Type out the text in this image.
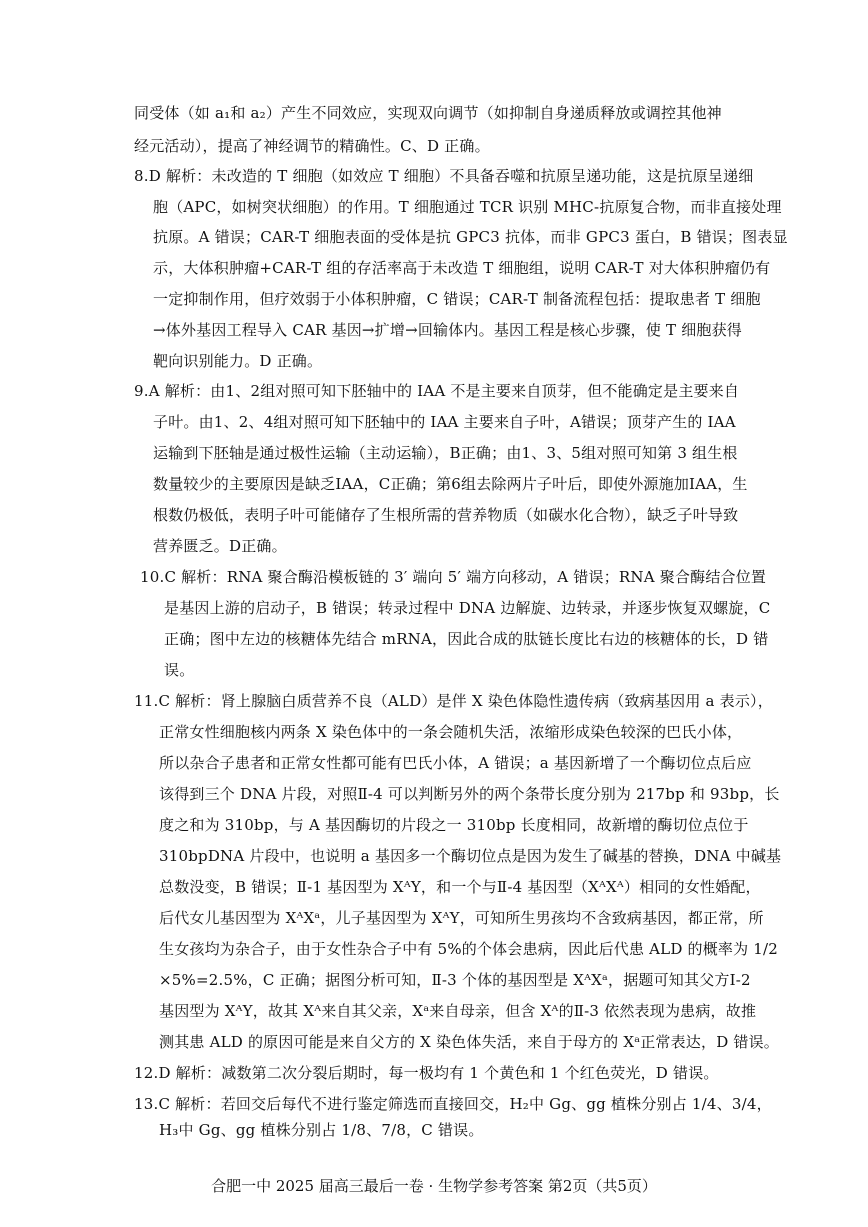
同受体（如 a₁和 a₂）产生不同效应，实现双向调节（如抑制自身递质释放或调控其他神
经元活动），提高了神经调节的精确性。C、D 正确。
8.D 解析：未改造的 T 细胞（如效应 T 细胞）不具备吞噬和抗原呈递功能，这是抗原呈递细
胞（APC，如树突状细胞）的作用。T 细胞通过 TCR 识别 MHC-抗原复合物，而非直接处理
抗原。A 错误；CAR-T 细胞表面的受体是抗 GPC3 抗体，而非 GPC3 蛋白，B 错误；图表显
示，大体积肿瘤+CAR-T 组的存活率高于未改造 T 细胞组，说明 CAR-T 对大体积肿瘤仍有
一定抑制作用，但疗效弱于小体积肿瘤，C 错误；CAR-T 制备流程包括：提取患者 T 细胞
→体外基因工程导入 CAR 基因→扩增→回输体内。基因工程是核心步骤，使 T 细胞获得
靶向识别能力。D 正确。
9.A 解析：由1、2组对照可知下胚轴中的 IAA 不是主要来自顶芽，但不能确定是主要来自
子叶。由1、2、4组对照可知下胚轴中的 IAA 主要来自子叶，A错误；顶芽产生的 IAA
运输到下胚轴是通过极性运输（主动运输），B正确；由1、3、5组对照可知第 3 组生根
数量较少的主要原因是缺乏IAA，C正确；第6组去除两片子叶后，即使外源施加IAA，生
根数仍极低，表明子叶可能储存了生根所需的营养物质（如碳水化合物），缺乏子叶导致
营养匮乏。D正确。
10.C 解析：RNA 聚合酶沿模板链的 3′ 端向 5′ 端方向移动，A 错误；RNA 聚合酶结合位置
是基因上游的启动子，B 错误；转录过程中 DNA 边解旋、边转录，并逐步恢复双螺旋，C
正确；图中左边的核糖体先结合 mRNA，因此合成的肽链长度比右边的核糖体的长，D 错
误。
11.C 解析：肾上腺脑白质营养不良（ALD）是伴 X 染色体隐性遗传病（致病基因用 a 表示），
正常女性细胞核内两条 X 染色体中的一条会随机失活，浓缩形成染色较深的巴氏小体，
所以杂合子患者和正常女性都可能有巴氏小体，A 错误；a 基因新增了一个酶切位点后应
该得到三个 DNA 片段，对照Ⅱ-4 可以判断另外的两个条带长度分别为 217bp 和 93bp，长
度之和为 310bp，与 A 基因酶切的片段之一 310bp 长度相同，故新增的酶切位点位于
310bpDNA 片段中，也说明 a 基因多一个酶切位点是因为发生了碱基的替换，DNA 中碱基
总数没变，B 错误；Ⅱ-1 基因型为 XᴬY，和一个与Ⅱ-4 基因型（XᴬXᴬ）相同的女性婚配，
后代女儿基因型为 XᴬXᵃ，儿子基因型为 XᴬY，可知所生男孩均不含致病基因，都正常，所
生女孩均为杂合子，由于女性杂合子中有 5%的个体会患病，因此后代患 ALD 的概率为 1/2
×5%=2.5%，C 正确；据图分析可知，Ⅱ-3 个体的基因型是 XᴬXᵃ，据题可知其父方Ⅰ-2
基因型为 XᴬY，故其 Xᴬ来自其父亲，Xᵃ来自母亲，但含 Xᴬ的Ⅱ-3 依然表现为患病，故推
测其患 ALD 的原因可能是来自父方的 X 染色体失活，来自于母方的 Xᵃ正常表达，D 错误。
12.D 解析：减数第二次分裂后期时，每一极均有 1 个黄色和 1 个红色荧光，D 错误。
13.C 解析：若回交后每代不进行鉴定筛选而直接回交，H₂中 Gg、gg 植株分别占 1/4、3/4，
H₃中 Gg、gg 植株分别占 1/8、7/8，C 错误。
合肥一中 2025 届高三最后一卷 · 生物学参考答案 第2页（共5页）
